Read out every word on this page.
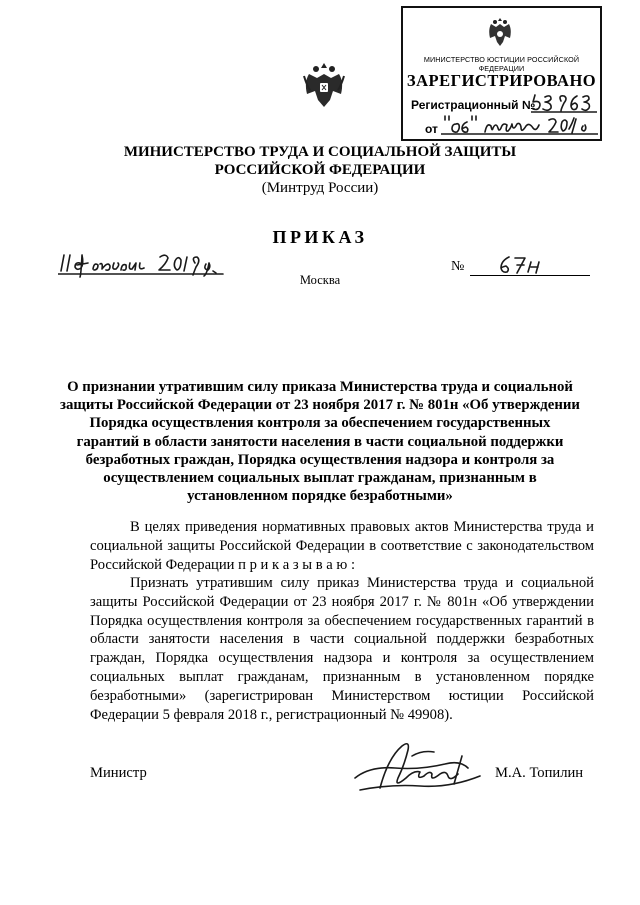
МИНИСТЕРСТВО ЮСТИЦИИ РОССИЙСКОЙ ФЕДЕРАЦИИ
ЗАРЕГИСТРИРОВАНО
Регистрационный №
от
МИНИСТЕРСТВО ТРУДА И СОЦИАЛЬНОЙ ЗАЩИТЫ
РОССИЙСКОЙ ФЕДЕРАЦИИ
(Минтруд России)
ПРИКАЗ
Москва
№
О признании утратившим силу приказа Министерства труда и социальной защиты Российской Федерации от 23 ноября 2017 г. № 801н «Об утверждении Порядка осуществления контроля за обеспечением государственных гарантий в области занятости населения в части социальной поддержки безработных граждан, Порядка осуществления надзора и контроля за осуществлением социальных выплат гражданам, признанным в установленном порядке безработными»
В целях приведения нормативных правовых актов Министерства труда и социальной защиты Российской Федерации в соответствие с законодательством Российской Федерации п р и к а з ы в а ю :
Признать утратившим силу приказ Министерства труда и социальной защиты Российской Федерации от 23 ноября 2017 г. № 801н «Об утверждении Порядка осуществления контроля за обеспечением государственных гарантий в области занятости населения в части социальной поддержки безработных граждан, Порядка осуществления надзора и контроля за осуществлением социальных выплат гражданам, признанным в установленном порядке безработными» (зарегистрирован Министерством юстиции Российской Федерации 5 февраля 2018 г., регистрационный № 49908).
Министр	М.А. Топилин
